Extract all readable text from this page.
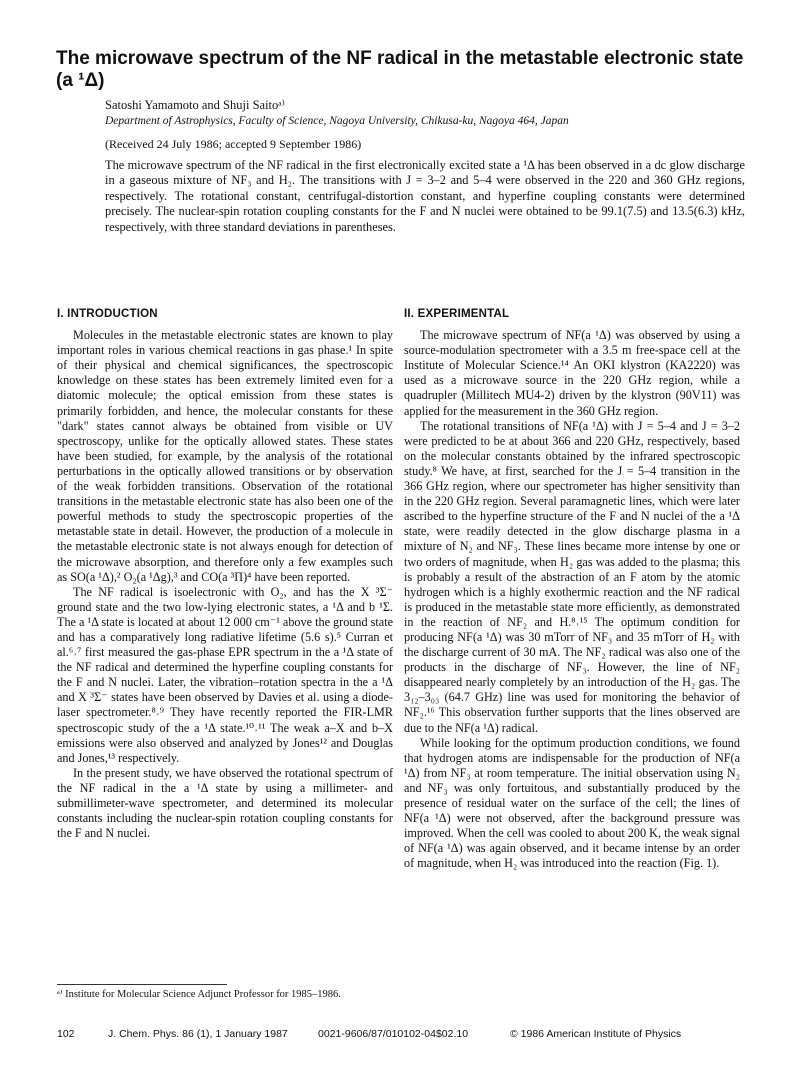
The microwave spectrum of the NF radical in the metastable electronic state (a ¹Δ)
Satoshi Yamamoto and Shuji Saitoᵃ⁾
Department of Astrophysics, Faculty of Science, Nagoya University, Chikusa-ku, Nagoya 464, Japan
(Received 24 July 1986; accepted 9 September 1986)

The microwave spectrum of the NF radical in the first electronically excited state a ¹Δ has been observed in a dc glow discharge in a gaseous mixture of NF₃ and H₂. The transitions with J = 3–2 and 5–4 were observed in the 220 and 360 GHz regions, respectively. The rotational constant, centrifugal-distortion constant, and hyperfine coupling constants were determined precisely. The nuclear-spin rotation coupling constants for the F and N nuclei were obtained to be 99.1(7.5) and 13.5(6.3) kHz, respectively, with three standard deviations in parentheses.

I. INTRODUCTION

Molecules in the metastable electronic states are known to play important roles in various chemical reactions in gas phase.¹ In spite of their physical and chemical significances, the spectroscopic knowledge on these states has been extremely limited even for a diatomic molecule; the optical emission from these states is primarily forbidden, and hence, the molecular constants for these "dark" states cannot always be obtained from visible or UV spectroscopy, unlike for the optically allowed states. These states have been studied, for example, by the analysis of the rotational perturbations in the optically allowed transitions or by observation of the weak forbidden transitions. Observation of the rotational transitions in the metastable electronic state has also been one of the powerful methods to study the spectroscopic properties of the metastable state in detail. However, the production of a molecule in the metastable electronic state is not always enough for detection of the microwave absorption, and therefore only a few examples such as SO(a ¹Δ),² O₂(a ¹Δg),³ and CO(a ³Π)⁴ have been reported.

The NF radical is isoelectronic with O₂, and has the X ³Σ⁻ ground state and the two low-lying electronic states, a ¹Δ and b ¹Σ. The a ¹Δ state is located at about 12 000 cm⁻¹ above the ground state and has a comparatively long radiative lifetime (5.6 s).⁵ Curran et al.⁶˒⁷ first measured the gas-phase EPR spectrum in the a ¹Δ state of the NF radical and determined the hyperfine coupling constants for the F and N nuclei. Later, the vibration–rotation spectra in the a ¹Δ and X ³Σ⁻ states have been observed by Davies et al. using a diode-laser spectrometer.⁸˒⁹ They have recently reported the FIR-LMR spectroscopic study of the a ¹Δ state.¹⁰˒¹¹ The weak a–X and b–X emissions were also observed and analyzed by Jones¹² and Douglas and Jones,¹³ respectively.

In the present study, we have observed the rotational spectrum of the NF radical in the a ¹Δ state by using a millimeter- and submillimeter-wave spectrometer, and determined its molecular constants including the nuclear-spin rotation coupling constants for the F and N nuclei.

II. EXPERIMENTAL

The microwave spectrum of NF(a ¹Δ) was observed by using a source-modulation spectrometer with a 3.5 m free-space cell at the Institute of Molecular Science.¹⁴ An OKI klystron (KA2220) was used as a microwave source in the 220 GHz region, while a quadrupler (Millitech MU4-2) driven by the klystron (90V11) was applied for the measurement in the 360 GHz region.

The rotational transitions of NF(a ¹Δ) with J = 5–4 and J = 3–2 were predicted to be at about 366 and 220 GHz, respectively, based on the molecular constants obtained by the infrared spectroscopic study.⁸ We have, at first, searched for the J = 5–4 transition in the 366 GHz region, where our spectrometer has higher sensitivity than in the 220 GHz region. Several paramagnetic lines, which were later ascribed to the hyperfine structure of the F and N nuclei of the a ¹Δ state, were readily detected in the glow discharge plasma in a mixture of N₂ and NF₃. These lines became more intense by one or two orders of magnitude, when H₂ gas was added to the plasma; this is probably a result of the abstraction of an F atom by the atomic hydrogen which is a highly exothermic reaction and the NF radical is produced in the metastable state more efficiently, as demonstrated in the reaction of NF₂ and H.⁸˒¹⁵ The optimum condition for producing NF(a ¹Δ) was 30 mTorr of NF₃ and 35 mTorr of H₂ with the discharge current of 30 mA. The NF₂ radical was also one of the products in the discharge of NF₃. However, the line of NF₂ disappeared nearly completely by an introduction of the H₂ gas. The 3₁₂–3₀₃ (64.7 GHz) line was used for monitoring the behavior of NF₂.¹⁶ This observation further supports that the lines observed are due to the NF(a ¹Δ) radical.

While looking for the optimum production conditions, we found that hydrogen atoms are indispensable for the production of NF(a ¹Δ) from NF₃ at room temperature. The initial observation using N₂ and NF₃ was only fortuitous, and substantially produced by the presence of residual water on the surface of the cell; the lines of NF(a ¹Δ) were not observed, after the background pressure was improved. When the cell was cooled to about 200 K, the weak signal of NF(a ¹Δ) was again observed, and it became intense by an order of magnitude, when H₂ was introduced into the reaction (Fig. 1).

ᵃ⁾ Institute for Molecular Science Adjunct Professor for 1985–1986.
102	J. Chem. Phys. 86 (1), 1 January 1987	0021-9606/87/010102-04$02.10	© 1986 American Institute of Physics
